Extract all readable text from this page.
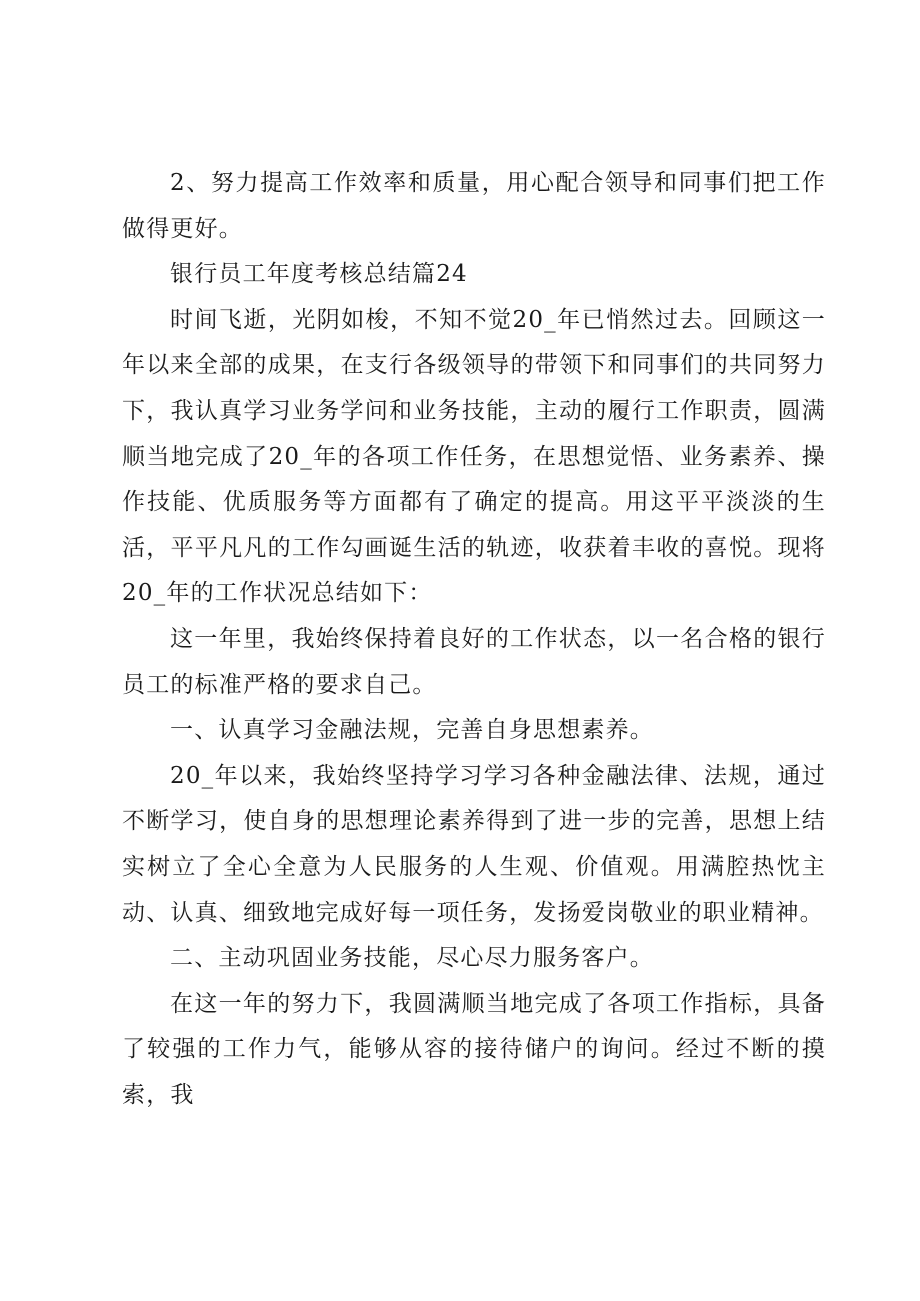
2、努力提高工作效率和质量，用心配合领导和同事们把工作做得更好。

银行员工年度考核总结篇24

时间飞逝，光阴如梭，不知不觉20_年已悄然过去。回顾这一年以来全部的成果，在支行各级领导的带领下和同事们的共同努力下，我认真学习业务学问和业务技能，主动的履行工作职责，圆满顺当地完成了20_年的各项工作任务，在思想觉悟、业务素养、操作技能、优质服务等方面都有了确定的提高。用这平平淡淡的生活，平平凡凡的工作勾画诞生活的轨迹，收获着丰收的喜悦。现将20_年的工作状况总结如下：

这一年里，我始终保持着良好的工作状态，以一名合格的银行员工的标准严格的要求自己。

一、认真学习金融法规，完善自身思想素养。

20_年以来，我始终坚持学习学习各种金融法律、法规，通过不断学习，使自身的思想理论素养得到了进一步的完善，思想上结实树立了全心全意为人民服务的人生观、价值观。用满腔热忱主动、认真、细致地完成好每一项任务，发扬爱岗敬业的职业精神。

二、主动巩固业务技能，尽心尽力服务客户。

在这一年的努力下，我圆满顺当地完成了各项工作指标，具备了较强的工作力气，能够从容的接待储户的询问。经过不断的摸索，我
